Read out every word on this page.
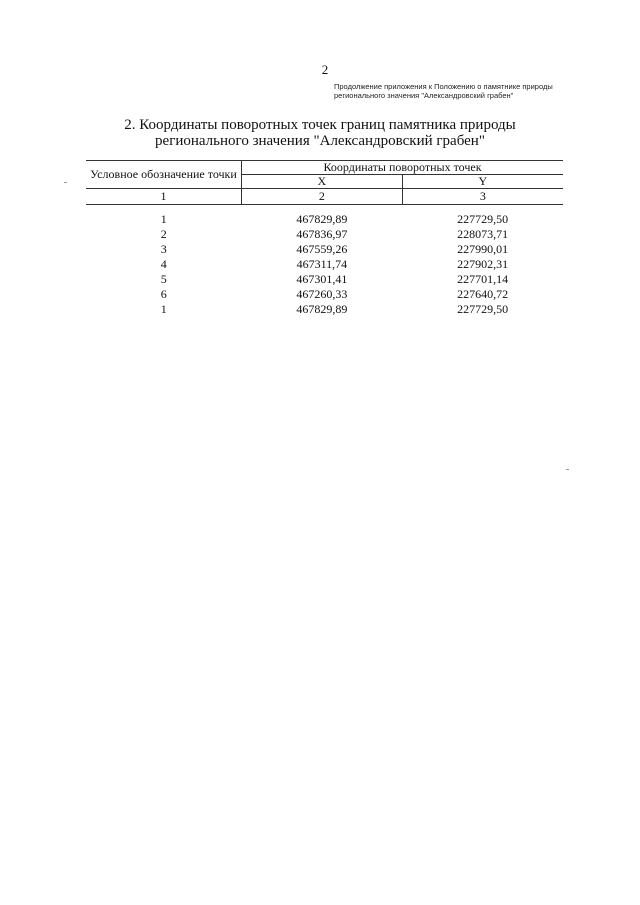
2
Продолжение приложения к Положению о памятнике природы
регионального значения "Александровский грабен"
2. Координаты поворотных точек границ памятника природы
регионального значения "Александровский грабен"
Условное обозначение точки	Координаты поворотных точек	
	X	Y
1	2	3

1	467829,89	227729,50
2	467836,97	228073,71
3	467559,26	227990,01
4	467311,74	227902,31
5	467301,41	227701,14
6	467260,33	227640,72
1	467829,89	227729,50
